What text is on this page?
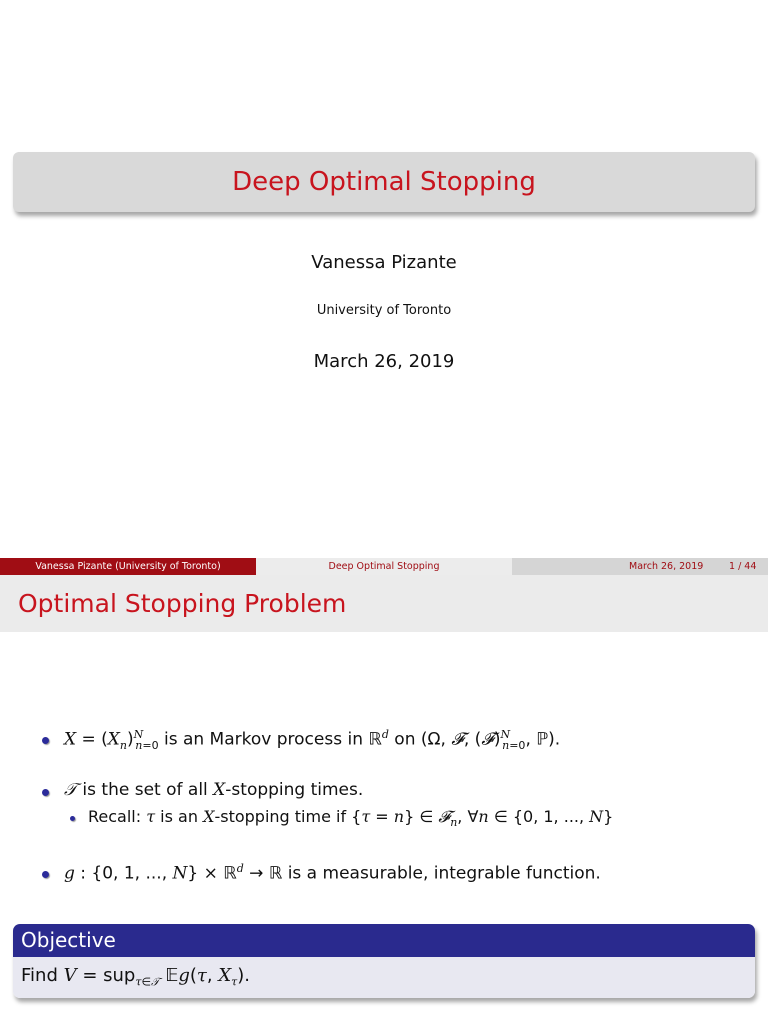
Deep Optimal Stopping
Vanessa Pizante
University of Toronto
March 26, 2019
Vanessa Pizante (University of Toronto)	Deep Optimal Stopping	March 26, 2019	1 / 44
Optimal Stopping Problem
$X = (X_n)^N_{n=0}$ is an Markov process in ℝ$^d$ on (Ω, 𝓕, (𝓕)$^N_{n=0}$, ℙ).
𝒯 is the set of all X-stopping times.
Recall: τ is an X-stopping time if {τ = n} ∈ 𝓕$_n$, ∀n ∈ {0, 1, ..., N}
g : {0, 1, ..., N} × ℝ$^d$ → ℝ is a measurable, integrable function.
Objective
Find V = sup$_{\tau\in 𝒯}$ 𝔼g(τ, $X_\tau$).
